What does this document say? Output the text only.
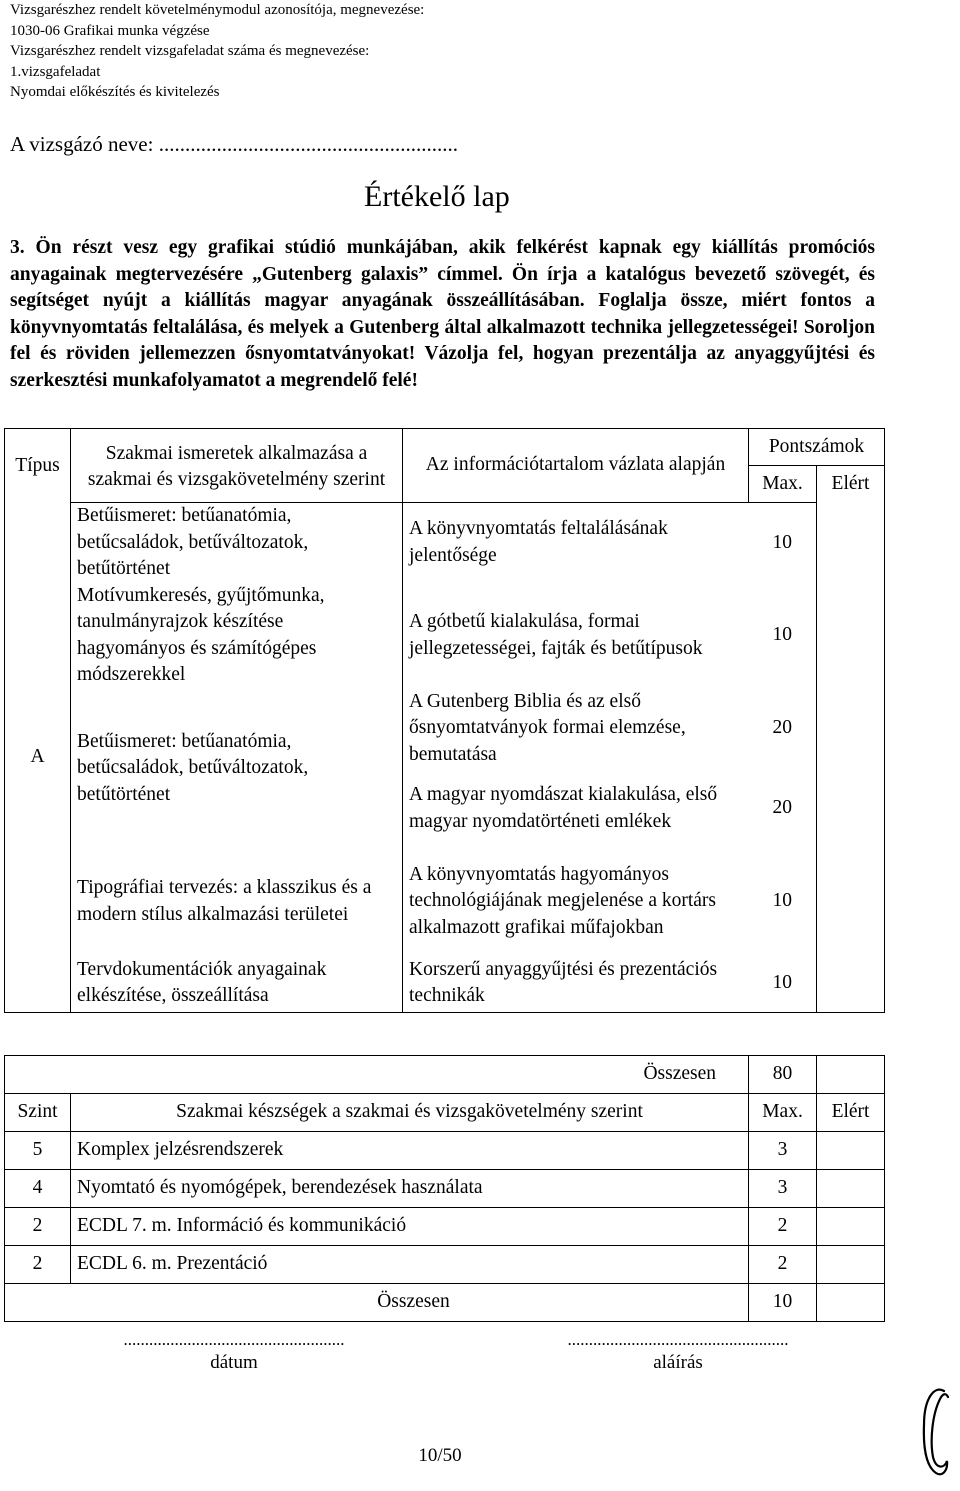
Vizsgarészhez rendelt követelménymodul azonosítója, megnevezése:
1030-06 Grafikai munka végzése
Vizsgarészhez rendelt vizsgafeladat száma és megnevezése:
1.vizsgafeladat
Nyomdai előkészítés és kivitelezés
A vizsgázó neve: .........................................................
Értékelő lap
3. Ön részt vesz egy grafikai stúdió munkájában, akik felkérést kapnak egy kiállítás promóciós anyagainak megtervezésére „Gutenberg galaxis” címmel. Ön írja a katalógus bevezető szövegét, és segítséget nyújt a kiállítás magyar anyagának összeállításában. Foglalja össze, miért fontos a könyvnyomtatás feltalálása, és melyek a Gutenberg által alkalmazott technika jellegzetességei! Soroljon fel és röviden jellemezzen ősnyomtatványokat! Vázolja fel, hogyan prezentálja az anyaggyűjtési és szerkesztési munkafolyamatot a megrendelő felé!
Típus	Szakmai ismeretek alkalmazása a szakmai és vizsgakövetelmény szerint	Az információtartalom vázlata alapján	Pontszámok	
			Max.	Elért
A	Betűismeret: betűanatómia, betűcsaládok, betűváltozatok, betűtörténet	A könyvnyomtatás feltalálásának jelentősége	10	
	Motívumkeresés, gyűjtőmunka, tanulmányrajzok készítése hagyományos és számítógépes módszerekkel	A gótbetű kialakulása, formai jellegzetességei, fajták és betűtípusok	10	
	Betűismeret: betűanatómia, betűcsaládok, betűváltozatok, betűtörténet	A Gutenberg Biblia és az első ősnyomtatványok formai elemzése, bemutatása	20	
		A magyar nyomdászat kialakulása, első magyar nyomdatörténeti emlékek	20	
	Tipográfiai tervezés: a klasszikus és a modern stílus alkalmazási területei	A könyvnyomtatás hagyományos technológiájának megjelenése a kortárs alkalmazott grafikai műfajokban	10	
	Tervdokumentációk anyagainak elkészítése, összeállítása	Korszerű anyaggyűjtési és prezentációs technikák	10	
Összesen		80	
Szint	Szakmai készségek a szakmai és vizsgakövetelmény szerint	Max.	Elért
5	Komplex jelzésrendszerek	3	
4	Nyomtató és nyomógépek, berendezések használata	3	
2	ECDL 7. m. Információ és kommunikáció	2	
2	ECDL 6. m. Prezentáció	2	
Összesen		10	
....................................................
dátum
....................................................
aláírás
10/50
